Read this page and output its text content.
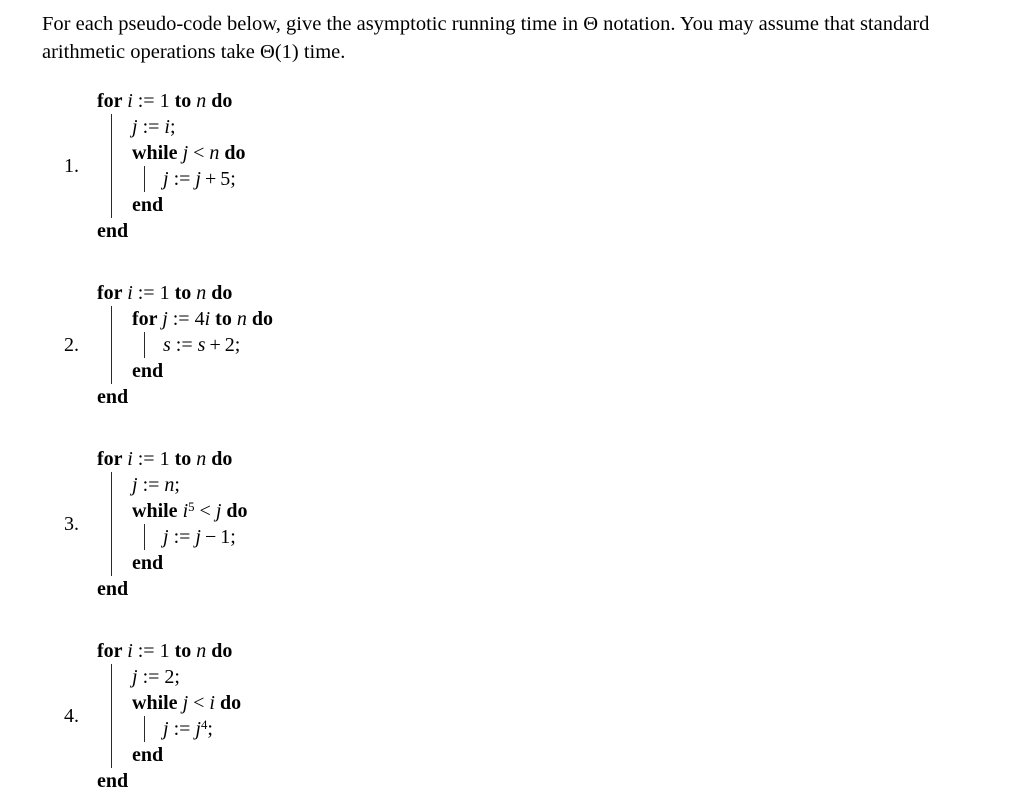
For each pseudo-code below, give the asymptotic running time in Θ notation. You may assume that standard
arithmetic operations take Θ(1) time.
1.
for i := 1 to n do
j := i;
while j < n do
j := j + 5;
end
end
2.
for i := 1 to n do
for j := 4i to n do
s := s + 2;
end
end
3.
for i := 1 to n do
j := n;
while $i^5 < j$ do
j := j − 1;
end
end
4.
for i := 1 to n do
j := 2;
while j < i do
j := $j^4$;
end
end
